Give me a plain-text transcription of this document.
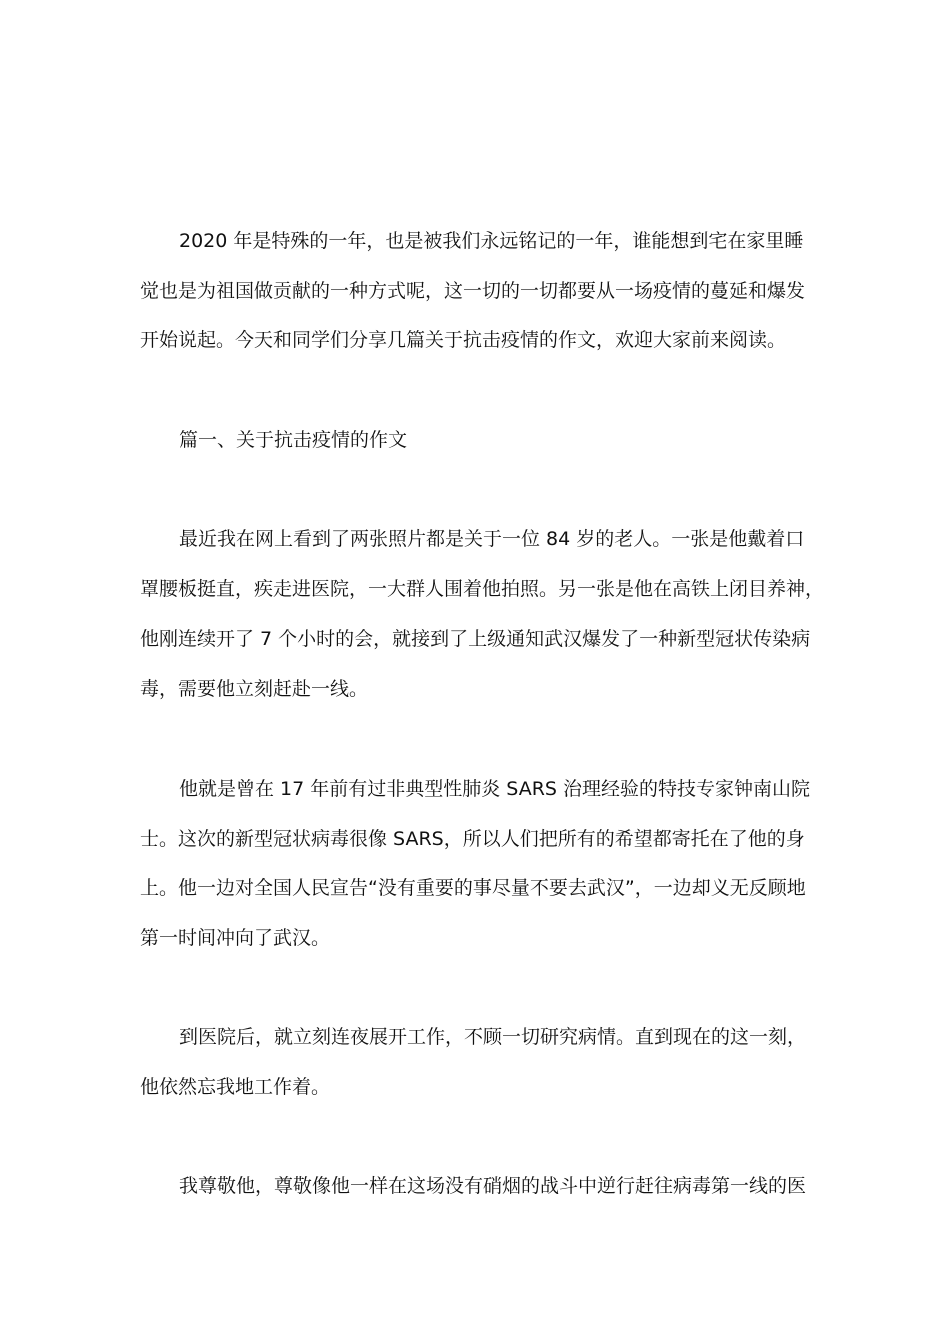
2020 年是特殊的一年，也是被我们永远铭记的一年，谁能想到宅在家里睡
觉也是为祖国做贡献的一种方式呢，这一切的一切都要从一场疫情的蔓延和爆发
开始说起。今天和同学们分享几篇关于抗击疫情的作文，欢迎大家前来阅读。
篇一、关于抗击疫情的作文
最近我在网上看到了两张照片都是关于一位 84 岁的老人。一张是他戴着口
罩腰板挺直，疾走进医院，一大群人围着他拍照。另一张是他在高铁上闭目养神，
他刚连续开了 7 个小时的会，就接到了上级通知武汉爆发了一种新型冠状传染病
毒，需要他立刻赶赴一线。
他就是曾在 17 年前有过非典型性肺炎 SARS 治理经验的特技专家钟南山院
士。这次的新型冠状病毒很像 SARS，所以人们把所有的希望都寄托在了他的身
上。他一边对全国人民宣告“没有重要的事尽量不要去武汉”，一边却义无反顾地
第一时间冲向了武汉。
到医院后，就立刻连夜展开工作，不顾一切研究病情。直到现在的这一刻，
他依然忘我地工作着。
我尊敬他，尊敬像他一样在这场没有硝烟的战斗中逆行赶往病毒第一线的医
